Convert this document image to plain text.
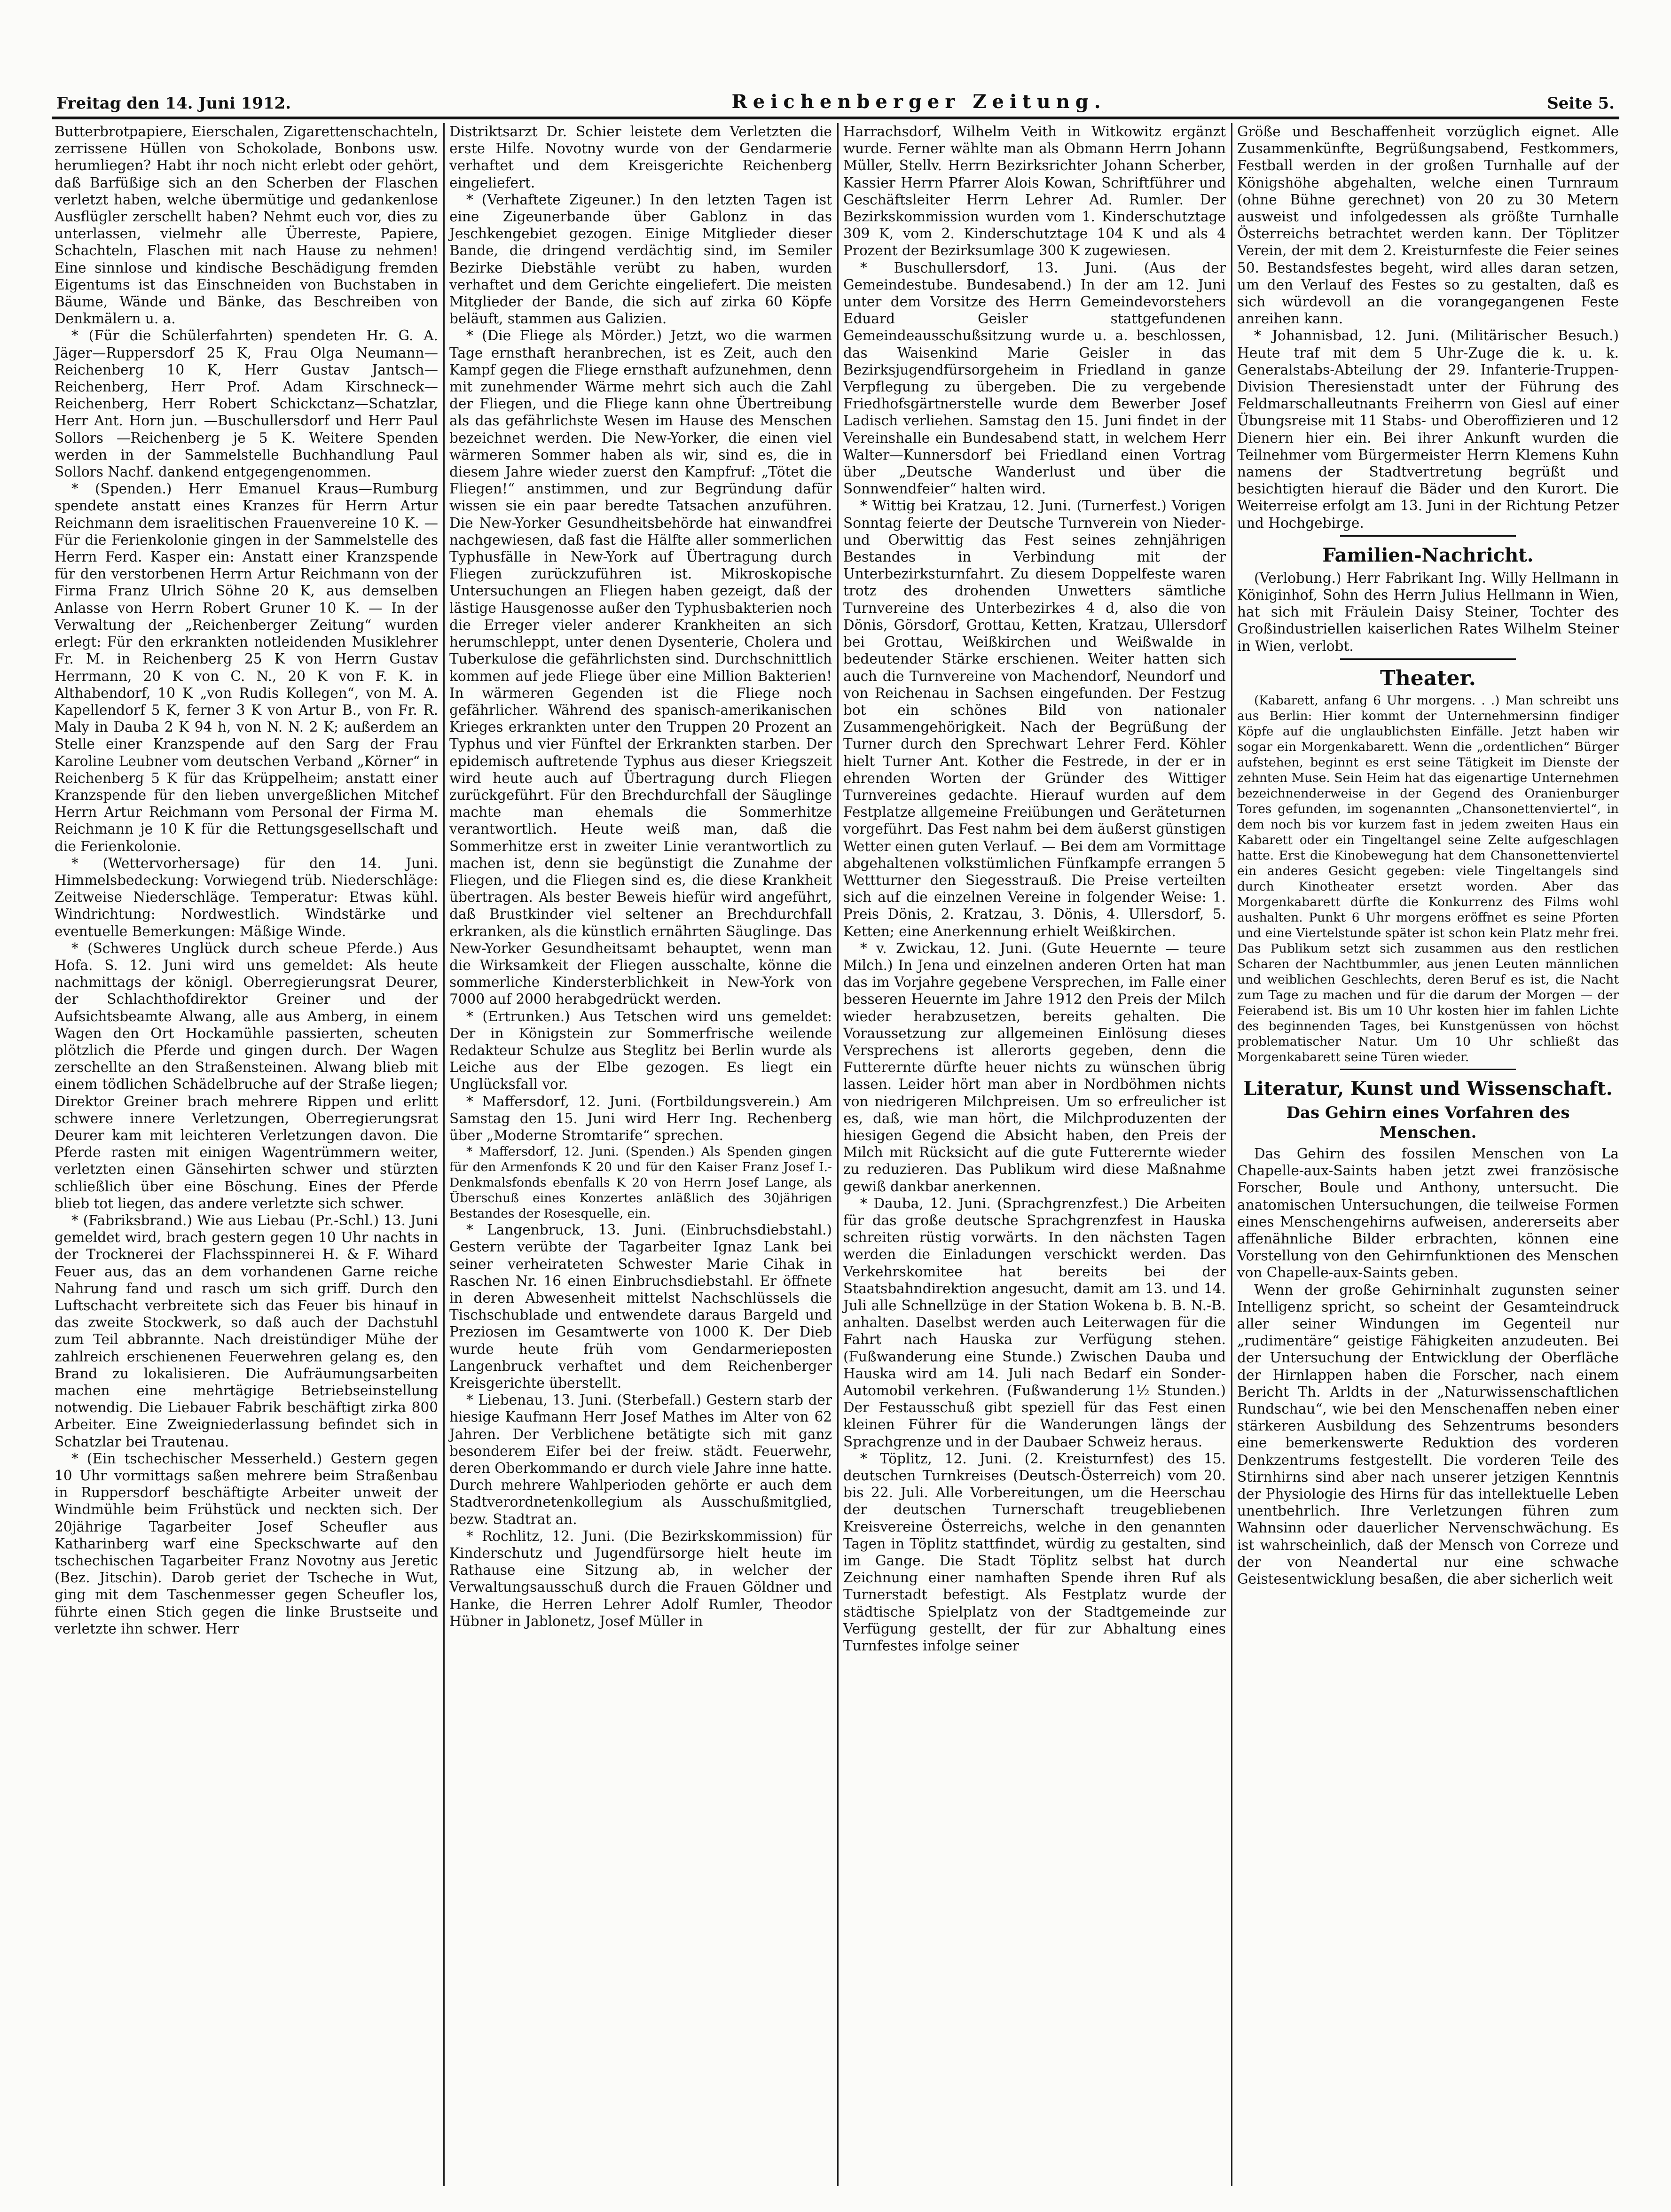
Freitag den 14. Juni 1912.	Reichenberger Zeitung.	Seite 5.

Butterbrotpapiere, Eierschalen, Zigarettenschachteln, zerrissene Hüllen von Schokolade, Bonbons usw. herumliegen? Habt ihr noch nicht erlebt oder gehört, daß Barfüßige sich an den Scherben der Flaschen verletzt haben, welche übermütige und gedankenlose Ausflügler zerschellt haben? Nehmt euch vor, dies zu unterlassen, vielmehr alle Überreste, Papiere, Schachteln, Flaschen mit nach Hause zu nehmen! Eine sinnlose und kindische Beschädigung fremden Eigentums ist das Einschneiden von Buchstaben in Bäume, Wände und Bänke, das Beschreiben von Denkmälern u. a.

* (Für die Schülerfahrten) spendeten Hr. G. A. Jäger—Ruppersdorf 25 K, Frau Olga Neumann—Reichenberg 10 K, Herr Gustav Jantsch—Reichenberg, Herr Prof. Adam Kirschneck—Reichenberg, Herr Robert Schickctanz—Schatzlar, Herr Ant. Horn jun. —Buschullersdorf und Herr Paul Sollors —Reichenberg je 5 K. Weitere Spenden werden in der Sammelstelle Buchhandlung Paul Sollors Nachf. dankend entgegengenommen.

* (Spenden.) Herr Emanuel Kraus—Rumburg spendete anstatt eines Kranzes für Herrn Artur Reichmann dem israelitischen Frauenvereine 10 K. — Für die Ferienkolonie gingen in der Sammelstelle des Herrn Ferd. Kasper ein: Anstatt einer Kranzspende für den verstorbenen Herrn Artur Reichmann von der Firma Franz Ulrich Söhne 20 K, aus demselben Anlasse von Herrn Robert Gruner 10 K. — In der Verwaltung der „Reichenberger Zeitung“ wurden erlegt: Für den erkrankten notleidenden Musiklehrer Fr. M. in Reichenberg 25 K von Herrn Gustav Herrmann, 20 K von C. N., 20 K von F. K. in Althabendorf, 10 K „von Rudis Kollegen“, von M. A. Kapellendorf 5 K, ferner 3 K von Artur B., von Fr. R. Maly in Dauba 2 K 94 h, von N. N. 2 K; außerdem an Stelle einer Kranzspende auf den Sarg der Frau Karoline Leubner vom deutschen Verband „Körner“ in Reichenberg 5 K für das Krüppelheim; anstatt einer Kranzspende für den lieben unvergeßlichen Mitchef Herrn Artur Reichmann vom Personal der Firma M. Reichmann je 10 K für die Rettungsgesellschaft und die Ferienkolonie.

* (Wettervorhersage) für den 14. Juni. Himmelsbedeckung: Vorwiegend trüb. Niederschläge: Zeitweise Niederschläge. Temperatur: Etwas kühl. Windrichtung: Nordwestlich. Windstärke und eventuelle Bemerkungen: Mäßige Winde.

* (Schweres Unglück durch scheue Pferde.) Aus Hofa. S. 12. Juni wird uns gemeldet: Als heute nachmittags der königl. Oberregierungsrat Deurer, der Schlachthofdirektor Greiner und der Aufsichtsbeamte Alwang, alle aus Amberg, in einem Wagen den Ort Hockamühle passierten, scheuten plötzlich die Pferde und gingen durch. Der Wagen zerschellte an den Straßensteinen. Alwang blieb mit einem tödlichen Schädelbruche auf der Straße liegen; Direktor Greiner brach mehrere Rippen und erlitt schwere innere Verletzungen, Oberregierungsrat Deurer kam mit leichteren Verletzungen davon. Die Pferde rasten mit einigen Wagentrümmern weiter, verletzten einen Gänsehirten schwer und stürzten schließlich über eine Böschung. Eines der Pferde blieb tot liegen, das andere verletzte sich schwer.

* (Fabriksbrand.) Wie aus Liebau (Pr.-Schl.) 13. Juni gemeldet wird, brach gestern gegen 10 Uhr nachts in der Trocknerei der Flachsspinnerei H. & F. Wihard Feuer aus, das an dem vorhandenen Garne reiche Nahrung fand und rasch um sich griff. Durch den Luftschacht verbreitete sich das Feuer bis hinauf in das zweite Stockwerk, so daß auch der Dachstuhl zum Teil abbrannte. Nach dreistündiger Mühe der zahlreich erschienenen Feuerwehren gelang es, den Brand zu lokalisieren. Die Aufräumungsarbeiten machen eine mehrtägige Betriebseinstellung notwendig. Die Liebauer Fabrik beschäftigt zirka 800 Arbeiter. Eine Zweigniederlassung befindet sich in Schatzlar bei Trautenau.

* (Ein tschechischer Messerheld.) Gestern gegen 10 Uhr vormittags saßen mehrere beim Straßenbau in Ruppersdorf beschäftigte Arbeiter unweit der Windmühle beim Frühstück und neckten sich. Der 20jährige Tagarbeiter Josef Scheufler aus Katharinberg warf eine Speckschwarte auf den tschechischen Tagarbeiter Franz Novotny aus Jeretic (Bez. Jitschin). Darob geriet der Tscheche in Wut, ging mit dem Taschenmesser gegen Scheufler los, führte einen Stich gegen die linke Brustseite und verletzte ihn schwer. Herr

Distriktsarzt Dr. Schier leistete dem Verletzten die erste Hilfe. Novotny wurde von der Gendarmerie verhaftet und dem Kreisgerichte Reichenberg eingeliefert.

* (Verhaftete Zigeuner.) In den letzten Tagen ist eine Zigeunerbande über Gablonz in das Jeschkengebiet gezogen. Einige Mitglieder dieser Bande, die dringend verdächtig sind, im Semiler Bezirke Diebstähle verübt zu haben, wurden verhaftet und dem Gerichte eingeliefert. Die meisten Mitglieder der Bande, die sich auf zirka 60 Köpfe beläuft, stammen aus Galizien.

* (Die Fliege als Mörder.) Jetzt, wo die warmen Tage ernsthaft heranbrechen, ist es Zeit, auch den Kampf gegen die Fliege ernsthaft aufzunehmen, denn mit zunehmender Wärme mehrt sich auch die Zahl der Fliegen, und die Fliege kann ohne Übertreibung als das gefährlichste Wesen im Hause des Menschen bezeichnet werden. Die New-Yorker, die einen viel wärmeren Sommer haben als wir, sind es, die in diesem Jahre wieder zuerst den Kampfruf: „Tötet die Fliegen!“ anstimmen, und zur Begründung dafür wissen sie ein paar beredte Tatsachen anzuführen. Die New-Yorker Gesundheitsbehörde hat einwandfrei nachgewiesen, daß fast die Hälfte aller sommerlichen Typhusfälle in New-York auf Übertragung durch Fliegen zurückzuführen ist. Mikroskopische Untersuchungen an Fliegen haben gezeigt, daß der lästige Hausgenosse außer den Typhusbakterien noch die Erreger vieler anderer Krankheiten an sich herumschleppt, unter denen Dysenterie, Cholera und Tuberkulose die gefährlichsten sind. Durchschnittlich kommen auf jede Fliege über eine Million Bakterien! In wärmeren Gegenden ist die Fliege noch gefährlicher. Während des spanisch-amerikanischen Krieges erkrankten unter den Truppen 20 Prozent an Typhus und vier Fünftel der Erkrankten starben. Der epidemisch auftretende Typhus aus dieser Kriegszeit wird heute auch auf Übertragung durch Fliegen zurückgeführt. Für den Brechdurchfall der Säuglinge machte man ehemals die Sommerhitze verantwortlich. Heute weiß man, daß die Sommerhitze erst in zweiter Linie verantwortlich zu machen ist, denn sie begünstigt die Zunahme der Fliegen, und die Fliegen sind es, die diese Krankheit übertragen. Als bester Beweis hiefür wird angeführt, daß Brustkinder viel seltener an Brechdurchfall erkranken, als die künstlich ernährten Säuglinge. Das New-Yorker Gesundheitsamt behauptet, wenn man die Wirksamkeit der Fliegen ausschalte, könne die sommerliche Kindersterblichkeit in New-York von 7000 auf 2000 herabgedrückt werden.

* (Ertrunken.) Aus Tetschen wird uns gemeldet: Der in Königstein zur Sommerfrische weilende Redakteur Schulze aus Steglitz bei Berlin wurde als Leiche aus der Elbe gezogen. Es liegt ein Unglücksfall vor.

* Maffersdorf, 12. Juni. (Fortbildungsverein.) Am Samstag den 15. Juni wird Herr Ing. Rechenberg über „Moderne Stromtarife“ sprechen.

* Maffersdorf, 12. Juni. (Spenden.) Als Spenden gingen für den Armenfonds K 20 und für den Kaiser Franz Josef I.-Denkmalsfonds ebenfalls K 20 von Herrn Josef Lange, als Überschuß eines Konzertes anläßlich des 30jährigen Bestandes der Rosesquelle, ein.

* Langenbruck, 13. Juni. (Einbruchsdiebstahl.) Gestern verübte der Tagarbeiter Ignaz Lank bei seiner verheirateten Schwester Marie Cihak in Raschen Nr. 16 einen Einbruchsdiebstahl. Er öffnete in deren Abwesenheit mittelst Nachschlüssels die Tischschublade und entwendete daraus Bargeld und Preziosen im Gesamtwerte von 1000 K. Der Dieb wurde heute früh vom Gendarmerieposten Langenbruck verhaftet und dem Reichenberger Kreisgerichte überstellt.

* Liebenau, 13. Juni. (Sterbefall.) Gestern starb der hiesige Kaufmann Herr Josef Mathes im Alter von 62 Jahren. Der Verblichene betätigte sich mit ganz besonderem Eifer bei der freiw. städt. Feuerwehr, deren Oberkommando er durch viele Jahre inne hatte. Durch mehrere Wahlperioden gehörte er auch dem Stadtverordnetenkollegium als Ausschußmitglied, bezw. Stadtrat an.

* Rochlitz, 12. Juni. (Die Bezirkskommission) für Kinderschutz und Jugendfürsorge hielt heute im Rathause eine Sitzung ab, in welcher der Verwaltungsausschuß durch die Frauen Göldner und Hanke, die Herren Lehrer Adolf Rumler, Theodor Hübner in Jablonetz, Josef Müller in

Harrachsdorf, Wilhelm Veith in Witkowitz ergänzt wurde. Ferner wählte man als Obmann Herrn Johann Müller, Stellv. Herrn Bezirksrichter Johann Scherber, Kassier Herrn Pfarrer Alois Kowan, Schriftführer und Geschäftsleiter Herrn Lehrer Ad. Rumler. Der Bezirkskommission wurden vom 1. Kinderschutztage 309 K, vom 2. Kinderschutztage 104 K und als 4 Prozent der Bezirksumlage 300 K zugewiesen.

* Buschullersdorf, 13. Juni. (Aus der Gemeindestube. Bundesabend.) In der am 12. Juni unter dem Vorsitze des Herrn Gemeindevorstehers Eduard Geisler stattgefundenen Gemeindeausschußsitzung wurde u. a. beschlossen, das Waisenkind Marie Geisler in das Bezirksjugendfürsorgeheim in Friedland in ganze Verpflegung zu übergeben. Die zu vergebende Friedhofsgärtnerstelle wurde dem Bewerber Josef Ladisch verliehen. Samstag den 15. Juni findet in der Vereinshalle ein Bundesabend statt, in welchem Herr Walter—Kunnersdorf bei Friedland einen Vortrag über „Deutsche Wanderlust und über die Sonnwendfeier“ halten wird.

* Wittig bei Kratzau, 12. Juni. (Turnerfest.) Vorigen Sonntag feierte der Deutsche Turnverein von Nieder- und Oberwittig das Fest seines zehnjährigen Bestandes in Verbindung mit der Unterbezirksturnfahrt. Zu diesem Doppelfeste waren trotz des drohenden Unwetters sämtliche Turnvereine des Unterbezirkes 4 d, also die von Dönis, Görsdorf, Grottau, Ketten, Kratzau, Ullersdorf bei Grottau, Weißkirchen und Weißwalde in bedeutender Stärke erschienen. Weiter hatten sich auch die Turnvereine von Machendorf, Neundorf und von Reichenau in Sachsen eingefunden. Der Festzug bot ein schönes Bild von nationaler Zusammengehörigkeit. Nach der Begrüßung der Turner durch den Sprechwart Lehrer Ferd. Köhler hielt Turner Ant. Kother die Festrede, in der er in ehrenden Worten der Gründer des Wittiger Turnvereines gedachte. Hierauf wurden auf dem Festplatze allgemeine Freiübungen und Geräteturnen vorgeführt. Das Fest nahm bei dem äußerst günstigen Wetter einen guten Verlauf. — Bei dem am Vormittage abgehaltenen volkstümlichen Fünfkampfe errangen 5 Wettturner den Siegesstrauß. Die Preise verteilten sich auf die einzelnen Vereine in folgender Weise: 1. Preis Dönis, 2. Kratzau, 3. Dönis, 4. Ullersdorf, 5. Ketten; eine Anerkennung erhielt Weißkirchen.

* v. Zwickau, 12. Juni. (Gute Heuernte — teure Milch.) In Jena und einzelnen anderen Orten hat man das im Vorjahre gegebene Versprechen, im Falle einer besseren Heuernte im Jahre 1912 den Preis der Milch wieder herabzusetzen, bereits gehalten. Die Voraussetzung zur allgemeinen Einlösung dieses Versprechens ist allerorts gegeben, denn die Futterernte dürfte heuer nichts zu wünschen übrig lassen. Leider hört man aber in Nordböhmen nichts von niedrigeren Milchpreisen. Um so erfreulicher ist es, daß, wie man hört, die Milchproduzenten der hiesigen Gegend die Absicht haben, den Preis der Milch mit Rücksicht auf die gute Futterernte wieder zu reduzieren. Das Publikum wird diese Maßnahme gewiß dankbar anerkennen.

* Dauba, 12. Juni. (Sprachgrenzfest.) Die Arbeiten für das große deutsche Sprachgrenzfest in Hauska schreiten rüstig vorwärts. In den nächsten Tagen werden die Einladungen verschickt werden. Das Verkehrskomitee hat bereits bei der Staatsbahndirektion angesucht, damit am 13. und 14. Juli alle Schnellzüge in der Station Wokena b. B. N.-B. anhalten. Daselbst werden auch Leiterwagen für die Fahrt nach Hauska zur Verfügung stehen. (Fußwanderung eine Stunde.) Zwischen Dauba und Hauska wird am 14. Juli nach Bedarf ein Sonder-Automobil verkehren. (Fußwanderung 1½ Stunden.) Der Festausschuß gibt speziell für das Fest einen kleinen Führer für die Wanderungen längs der Sprachgrenze und in der Daubaer Schweiz heraus.

* Töplitz, 12. Juni. (2. Kreisturnfest) des 15. deutschen Turnkreises (Deutsch-Österreich) vom 20. bis 22. Juli. Alle Vorbereitungen, um die Heerschau der deutschen Turnerschaft treugebliebenen Kreisvereine Österreichs, welche in den genannten Tagen in Töplitz stattfindet, würdig zu gestalten, sind im Gange. Die Stadt Töplitz selbst hat durch Zeichnung einer namhaften Spende ihren Ruf als Turnerstadt befestigt. Als Festplatz wurde der städtische Spielplatz von der Stadtgemeinde zur Verfügung gestellt, der für zur Abhaltung eines Turnfestes infolge seiner

Größe und Beschaffenheit vorzüglich eignet. Alle Zusammenkünfte, Begrüßungsabend, Festkommers, Festball werden in der großen Turnhalle auf der Königshöhe abgehalten, welche einen Turnraum (ohne Bühne gerechnet) von 20 zu 30 Metern ausweist und infolgedessen als größte Turnhalle Österreichs betrachtet werden kann. Der Töplitzer Verein, der mit dem 2. Kreisturnfeste die Feier seines 50. Bestandsfestes begeht, wird alles daran setzen, um den Verlauf des Festes so zu gestalten, daß es sich würdevoll an die vorangegangenen Feste anreihen kann.

* Johannisbad, 12. Juni. (Militärischer Besuch.) Heute traf mit dem 5 Uhr-Zuge die k. u. k. Generalstabs-Abteilung der 29. Infanterie-Truppen-Division Theresienstadt unter der Führung des Feldmarschalleutnants Freiherrn von Giesl auf einer Übungsreise mit 11 Stabs- und Oberoffizieren und 12 Dienern hier ein. Bei ihrer Ankunft wurden die Teilnehmer vom Bürgermeister Herrn Klemens Kuhn namens der Stadtvertretung begrüßt und besichtigten hierauf die Bäder und den Kurort. Die Weiterreise erfolgt am 13. Juni in der Richtung Petzer und Hochgebirge.

Familien-Nachricht.

(Verlobung.) Herr Fabrikant Ing. Willy Hellmann in Königinhof, Sohn des Herrn Julius Hellmann in Wien, hat sich mit Fräulein Daisy Steiner, Tochter des Großindustriellen kaiserlichen Rates Wilhelm Steiner in Wien, verlobt.

Theater.

(Kabarett, anfang 6 Uhr morgens. . .) Man schreibt uns aus Berlin: Hier kommt der Unternehmersinn findiger Köpfe auf die unglaublichsten Einfälle. Jetzt haben wir sogar ein Morgenkabarett. Wenn die „ordentlichen“ Bürger aufstehen, beginnt es erst seine Tätigkeit im Dienste der zehnten Muse. Sein Heim hat das eigenartige Unternehmen bezeichnenderweise in der Gegend des Oranienburger Tores gefunden, im sogenannten „Chansonettenviertel“, in dem noch bis vor kurzem fast in jedem zweiten Haus ein Kabarett oder ein Tingeltangel seine Zelte aufgeschlagen hatte. Erst die Kinobewegung hat dem Chansonettenviertel ein anderes Gesicht gegeben: viele Tingeltangels sind durch Kinotheater ersetzt worden. Aber das Morgenkabarett dürfte die Konkurrenz des Films wohl aushalten. Punkt 6 Uhr morgens eröffnet es seine Pforten und eine Viertelstunde später ist schon kein Platz mehr frei. Das Publikum setzt sich zusammen aus den restlichen Scharen der Nachtbummler, aus jenen Leuten männlichen und weiblichen Geschlechts, deren Beruf es ist, die Nacht zum Tage zu machen und für die darum der Morgen — der Feierabend ist. Bis um 10 Uhr kosten hier im fahlen Lichte des beginnenden Tages, bei Kunstgenüssen von höchst problematischer Natur. Um 10 Uhr schließt das Morgenkabarett seine Türen wieder.

Literatur, Kunst und Wissenschaft.
Das Gehirn eines Vorfahren des Menschen.

Das Gehirn des fossilen Menschen von La Chapelle-aux-Saints haben jetzt zwei französische Forscher, Boule und Anthony, untersucht. Die anatomischen Untersuchungen, die teilweise Formen eines Menschengehirns aufweisen, andererseits aber affenähnliche Bilder erbrachten, können eine Vorstellung von den Gehirnfunktionen des Menschen von Chapelle-aux-Saints geben.

Wenn der große Gehirninhalt zugunsten seiner Intelligenz spricht, so scheint der Gesamteindruck aller seiner Windungen im Gegenteil nur „rudimentäre“ geistige Fähigkeiten anzudeuten. Bei der Untersuchung der Entwicklung der Oberfläche der Hirnlappen haben die Forscher, nach einem Bericht Th. Arldts in der „Naturwissenschaftlichen Rundschau“, wie bei den Menschenaffen neben einer stärkeren Ausbildung des Sehzentrums besonders eine bemerkenswerte Reduktion des vorderen Denkzentrums festgestellt. Die vorderen Teile des Stirnhirns sind aber nach unserer jetzigen Kenntnis der Physiologie des Hirns für das intellektuelle Leben unentbehrlich. Ihre Verletzungen führen zum Wahnsinn oder dauerlicher Nervenschwächung. Es ist wahrscheinlich, daß der Mensch von Correze und der von Neandertal nur eine schwache Geistesentwicklung besaßen, die aber sicherlich weit
